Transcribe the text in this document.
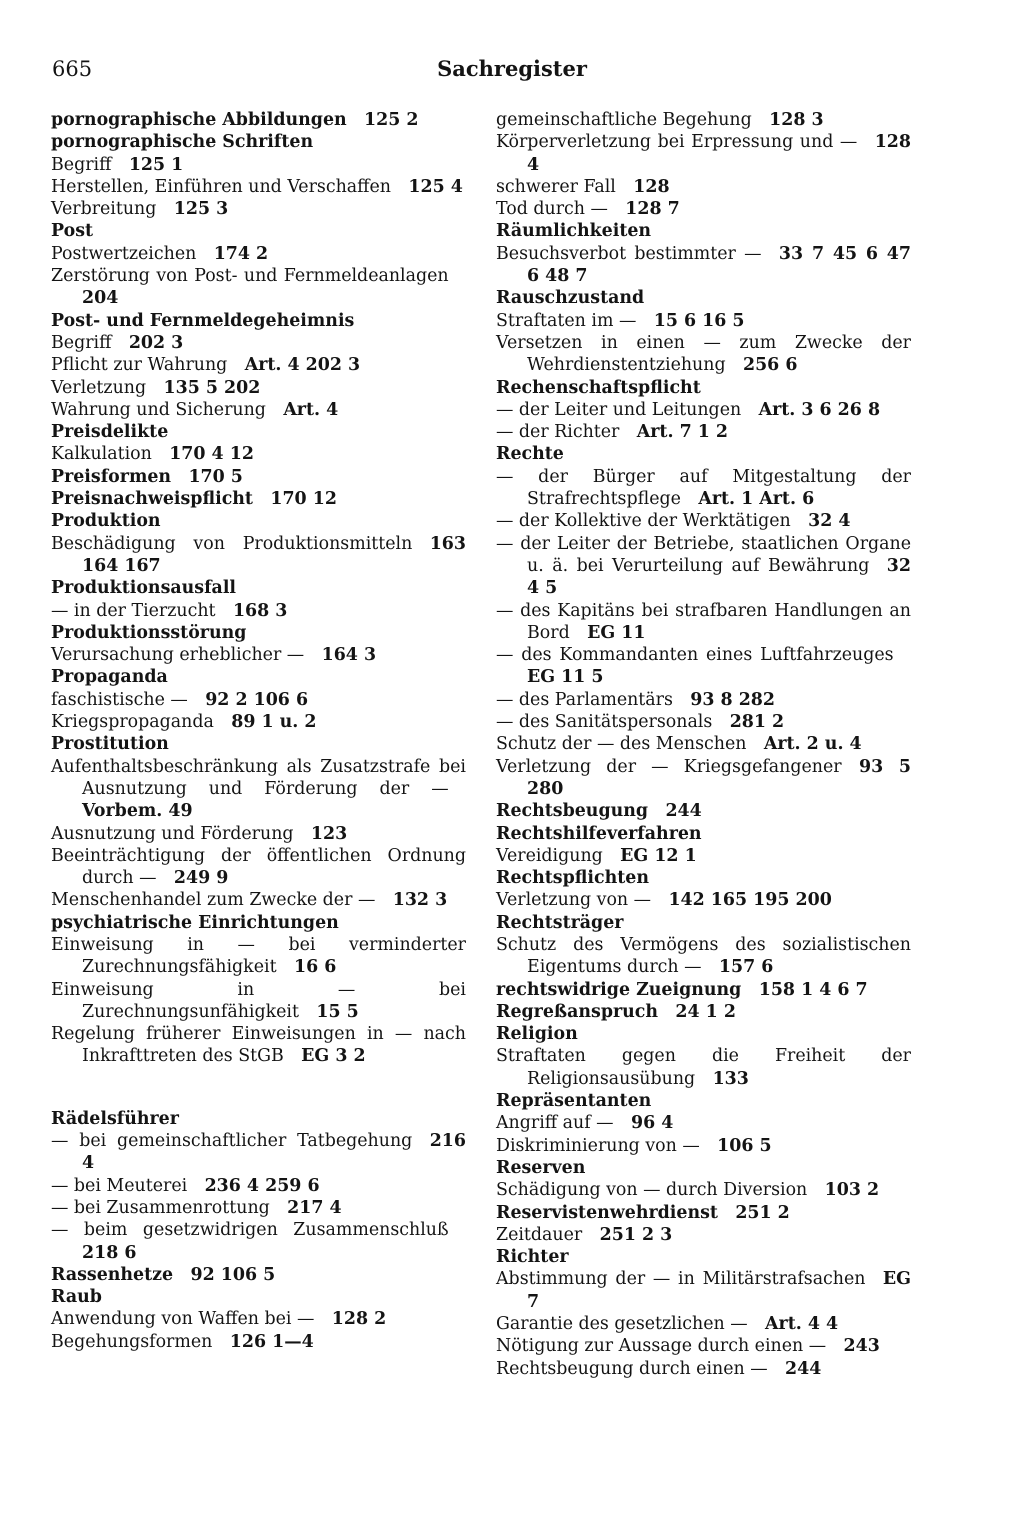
665	Sachregister

pornographische Abbildungen  125 2

pornographische Schriften

Begriff  125 1

Herstellen, Einführen und Verschaffen  125 4

Verbreitung  125 3

Post

Postwertzeichen  174 2

Zerstörung von Post- und Fernmeldeanlagen 204

Post- und Fernmeldegeheimnis

Begriff  202 3

Pflicht zur Wahrung  Art. 4 202 3

Verletzung  135 5 202

Wahrung und Sicherung  Art. 4

Preisdelikte

Kalkulation  170 4 12

Preisformen  170 5

Preisnachweispflicht  170 12

Produktion

Beschädigung von Produktionsmitteln  163 164 167

Produktionsausfall

— in der Tierzucht  168 3

Produktionsstörung

Verursachung erheblicher —  164 3

Propaganda

faschistische —  92 2 106 6

Kriegspropaganda  89 1 u. 2

Prostitution

Aufenthaltsbeschränkung als Zusatzstrafe bei Ausnutzung und Förderung der — Vorbem. 49

Ausnutzung und Förderung  123

Beeinträchtigung der öffentlichen Ordnung durch —  249 9

Menschenhandel zum Zwecke der —  132 3

psychiatrische Einrichtungen

Einweisung in — bei verminderter Zurechnungsfähigkeit  16 6

Einweisung in — bei Zurechnungsunfähigkeit  15 5

Regelung früherer Einweisungen in — nach Inkrafttreten des StGB  EG 3 2

Rädelsführer

— bei gemeinschaftlicher Tatbegehung  216 4

— bei Meuterei  236 4 259 6

— bei Zusammenrottung  217 4

— beim gesetzwidrigen Zusammenschluß 218 6

Rassenhetze  92 106 5

Raub

Anwendung von Waffen bei —  128 2

Begehungsformen  126 1—4

gemeinschaftliche Begehung  128 3

Körperverletzung bei Erpressung und —  128 4

schwerer Fall  128

Tod durch —  128 7

Räumlichkeiten

Besuchsverbot bestimmter —  33 7 45 6 47 6 48 7

Rauschzustand

Straftaten im —  15 6 16 5

Versetzen in einen — zum Zwecke der Wehrdienstentziehung  256 6

Rechenschaftspflicht

— der Leiter und Leitungen  Art. 3 6 26 8

— der Richter  Art. 7 1 2

Rechte

— der Bürger auf Mitgestaltung der Strafrechtspflege  Art. 1 Art. 6

— der Kollektive der Werktätigen  32 4

— der Leiter der Betriebe, staatlichen Organe u. ä. bei Verurteilung auf Bewährung  32 4 5

— des Kapitäns bei strafbaren Handlungen an Bord  EG 11

— des Kommandanten eines Luftfahrzeuges EG 11 5

— des Parlamentärs  93 8 282

— des Sanitätspersonals  281 2

Schutz der — des Menschen  Art. 2 u. 4

Verletzung der — Kriegsgefangener  93 5 280

Rechtsbeugung  244

Rechtshilfeverfahren

Vereidigung  EG 12 1

Rechtspflichten

Verletzung von —  142 165 195 200

Rechtsträger

Schutz des Vermögens des sozialistischen Eigentums durch —  157 6

rechtswidrige Zueignung  158 1 4 6 7

Regreßanspruch  24 1 2

Religion

Straftaten gegen die Freiheit der Religionsausübung  133

Repräsentanten

Angriff auf —  96 4

Diskriminierung von —  106 5

Reserven

Schädigung von — durch Diversion  103 2

Reservistenwehrdienst  251 2

Zeitdauer  251 2 3

Richter

Abstimmung der — in Militärstrafsachen  EG 7

Garantie des gesetzlichen —  Art. 4 4

Nötigung zur Aussage durch einen —  243

Rechtsbeugung durch einen —  244
